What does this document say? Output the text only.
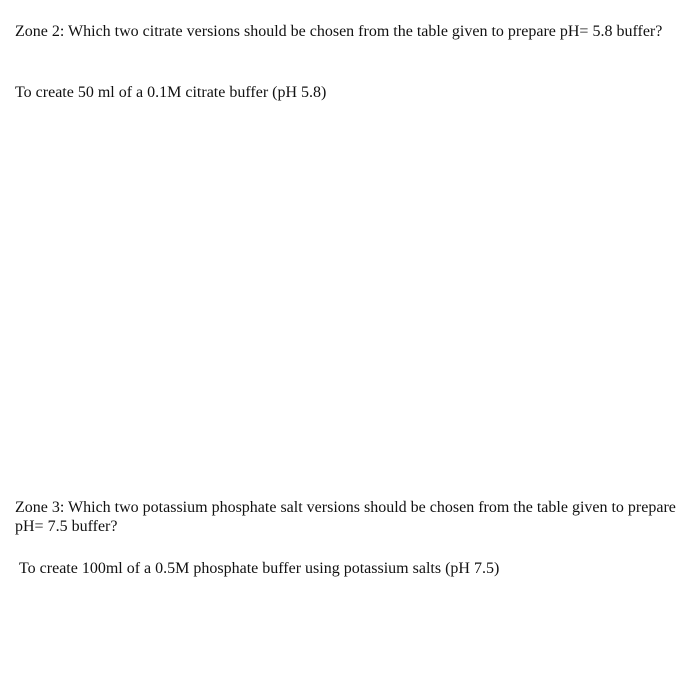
Zone 2: Which two citrate versions should be chosen from the table given to prepare pH= 5.8 buffer?

To create 50 ml of a 0.1M citrate buffer (pH 5.8)

Zone 3: Which two potassium phosphate salt versions should be chosen from the table given to prepare pH= 7.5 buffer?

To create 100ml of a 0.5M phosphate buffer using potassium salts (pH 7.5)
